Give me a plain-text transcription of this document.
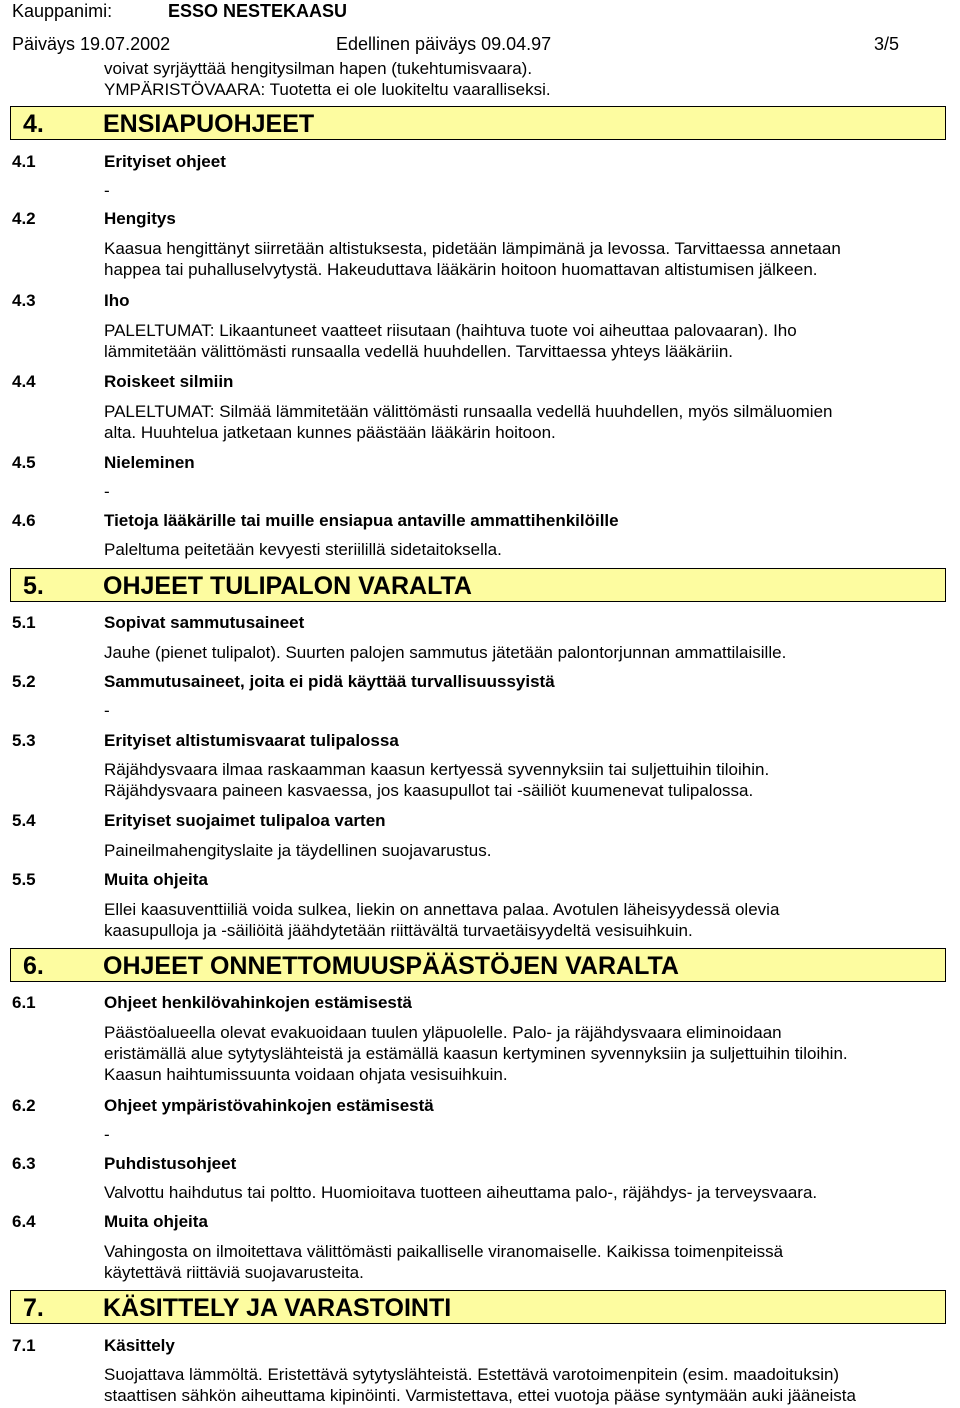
Kauppanimi:	ESSO NESTEKAASU
Päiväys 19.07.2002	Edellinen päiväys 09.04.97	3/5
voivat syrjäyttää hengitysilman hapen (tukehtumisvaara).
YMPÄRISTÖVAARA: Tuotetta ei ole luokiteltu vaaralliseksi.
4. ENSIAPUOHJEET
4.1	Erityiset ohjeet
-
4.2	Hengitys
Kaasua hengittänyt siirretään altistuksesta, pidetään lämpimänä ja levossa. Tarvittaessa annetaan
happea tai puhalluselvytystä. Hakeuduttava lääkärin hoitoon huomattavan altistumisen jälkeen.
4.3	Iho
PALELTUMAT: Likaantuneet vaatteet riisutaan (haihtuva tuote voi aiheuttaa palovaaran). Iho
lämmitetään välittömästi runsaalla vedellä huuhdellen. Tarvittaessa yhteys lääkäriin.
4.4	Roiskeet silmiin
PALELTUMAT: Silmää lämmitetään välittömästi runsaalla vedellä huuhdellen, myös silmäluomien
alta. Huuhtelua jatketaan kunnes päästään lääkärin hoitoon.
4.5	Nieleminen
-
4.6	Tietoja lääkärille tai muille ensiapua antaville ammattihenkilöille
Paleltuma peitetään kevyesti steriilillä sidetaitoksella.
5. OHJEET TULIPALON VARALTA
5.1	Sopivat sammutusaineet
Jauhe (pienet tulipalot). Suurten palojen sammutus jätetään palontorjunnan ammattilaisille.
5.2	Sammutusaineet, joita ei pidä käyttää turvallisuussyistä
-
5.3	Erityiset altistumisvaarat tulipalossa
Räjähdysvaara ilmaa raskaamman kaasun kertyessä syvennyksiin tai suljettuihin tiloihin.
Räjähdysvaara paineen kasvaessa, jos kaasupullot tai -säiliöt kuumenevat tulipalossa.
5.4	Erityiset suojaimet tulipaloa varten
Paineilmahengityslaite ja täydellinen suojavarustus.
5.5	Muita ohjeita
Ellei kaasuventtiiliä voida sulkea, liekin on annettava palaa. Avotulen läheisyydessä olevia
kaasupulloja ja -säiliöitä jäähdytetään riittävältä turvaetäisyydeltä vesisuihkuin.
6. OHJEET ONNETTOMUUSPÄÄSTÖJEN VARALTA
6.1	Ohjeet henkilövahinkojen estämisestä
Päästöalueella olevat evakuoidaan tuulen yläpuolelle. Palo- ja räjähdysvaara eliminoidaan
eristämällä alue sytytyslähteistä ja estämällä kaasun kertyminen syvennyksiin ja suljettuihin tiloihin.
Kaasun haihtumissuunta voidaan ohjata vesisuihkuin.
6.2	Ohjeet ympäristövahinkojen estämisestä
-
6.3	Puhdistusohjeet
Valvottu haihdutus tai poltto. Huomioitava tuotteen aiheuttama palo-, räjähdys- ja terveysvaara.
6.4	Muita ohjeita
Vahingosta on ilmoitettava välittömästi paikalliselle viranomaiselle. Kaikissa toimenpiteissä
käytettävä riittäviä suojavarusteita.
7. KÄSITTELY JA VARASTOINTI
7.1	Käsittely
Suojattava lämmöltä. Eristettävä sytytyslähteistä. Estettävä varotoimenpitein (esim. maadoituksin)
staattisen sähkön aiheuttama kipinöinti. Varmistettava, ettei vuotoja pääse syntymään auki jääneista
